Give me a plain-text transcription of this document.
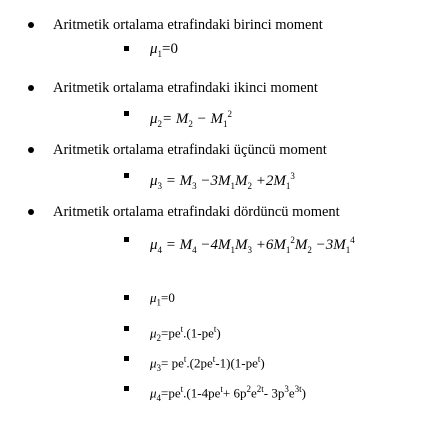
Aritmetik ortalama etrafindaki birinci moment
$\mu_1=0$
Aritmetik ortalama etrafindaki ikinci moment
$\mu_2= M_2 - M_1^2$
Aritmetik ortalama etrafindaki üçüncü moment
$\mu_3 = M_3 -3M_1M_2 +2M_1^3$
Aritmetik ortalama etrafindaki dördüncü moment
$\mu_4 = M_4 -4M_1M_3 +6M_1^2M_2 -3M_1^4$
$\mu_1=0$
$\mu_2=pe^t.(1-pe^t)$
$\mu_3= pe^t.(2pe^t-1)(1-pe^t)$
$\mu_4=pe^t.(1-4pe^t+ 6p^2e^{2t}-$ $3p^3e^{3t}$)
